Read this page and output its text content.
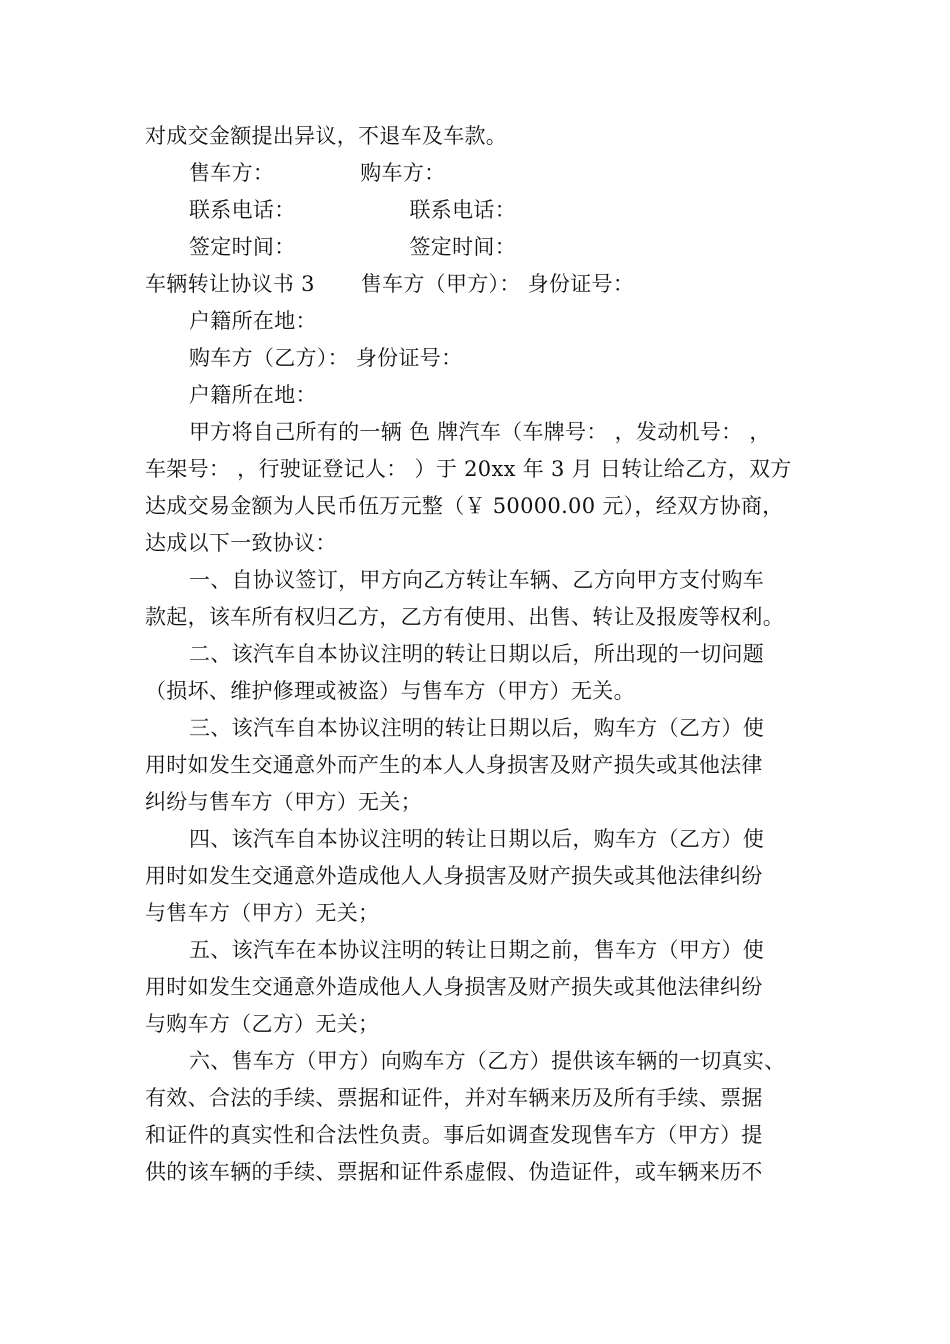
对成交金额提出异议，不退车及车款。
售车方：	购车方：
联系电话：	联系电话：
签定时间：	签定时间：
车辆转让协议书 3 售车方（甲方）： 身份证号：
户籍所在地：
购车方（乙方）： 身份证号：
户籍所在地：
甲方将自己所有的一辆 色 牌汽车（车牌号： ，发动机号： ，
车架号： ，行驶证登记人： ）于 20xx 年 3 月 日转让给乙方，双方
达成交易金额为人民币伍万元整（￥ 50000.00 元），经双方协商，
达成以下一致协议：
一、自协议签订，甲方向乙方转让车辆、乙方向甲方支付购车
款起，该车所有权归乙方，乙方有使用、出售、转让及报废等权利。
二、该汽车自本协议注明的转让日期以后，所出现的一切问题
（损坏、维护修理或被盗）与售车方（甲方）无关。
三、该汽车自本协议注明的转让日期以后，购车方（乙方）使
用时如发生交通意外而产生的本人人身损害及财产损失或其他法律
纠纷与售车方（甲方）无关；
四、该汽车自本协议注明的转让日期以后，购车方（乙方）使
用时如发生交通意外造成他人人身损害及财产损失或其他法律纠纷
与售车方（甲方）无关；
五、该汽车在本协议注明的转让日期之前，售车方（甲方）使
用时如发生交通意外造成他人人身损害及财产损失或其他法律纠纷
与购车方（乙方）无关；
六、售车方（甲方）向购车方（乙方）提供该车辆的一切真实、
有效、合法的手续、票据和证件，并对车辆来历及所有手续、票据
和证件的真实性和合法性负责。事后如调查发现售车方（甲方）提
供的该车辆的手续、票据和证件系虚假、伪造证件，或车辆来历不
